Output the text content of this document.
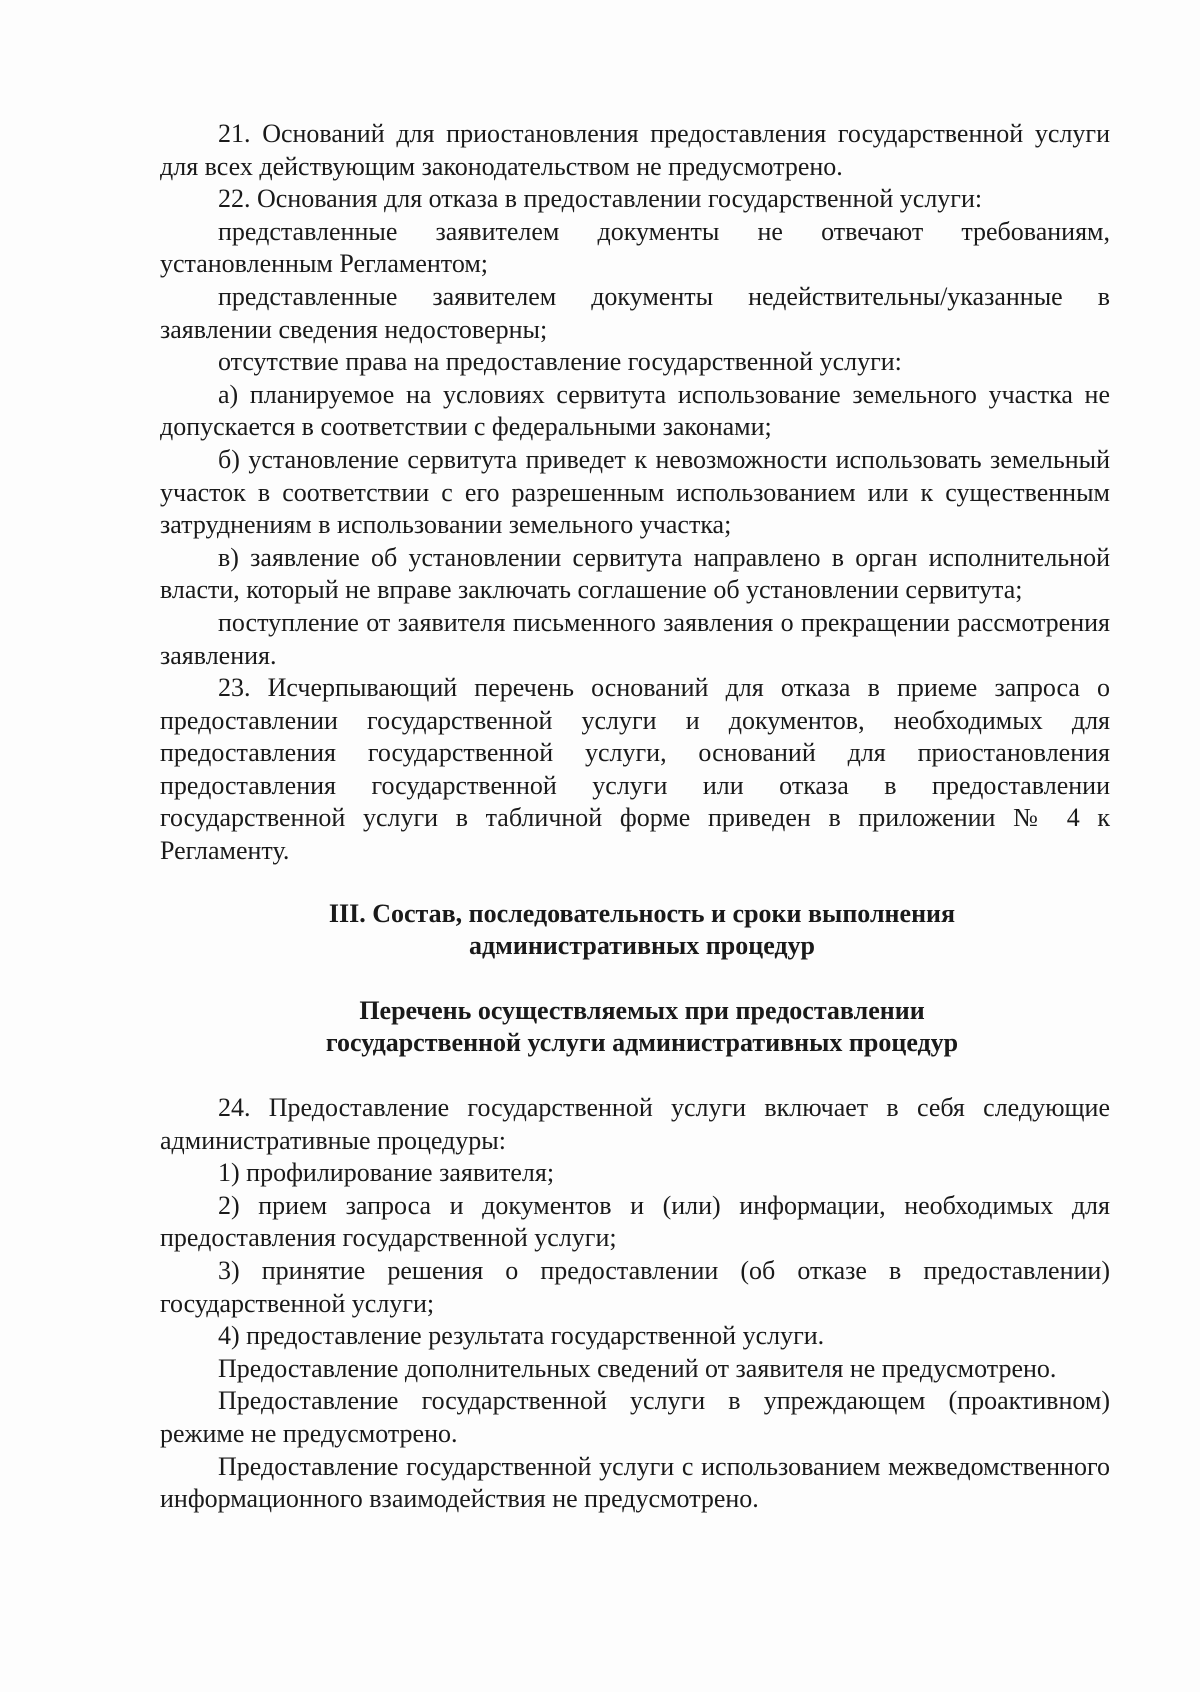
21. Оснований для приостановления предоставления государственной услуги для всех действующим законодательством не предусмотрено.

22. Основания для отказа в предоставлении государственной услуги:

представленные заявителем документы не отвечают требованиям, установленным Регламентом;

представленные заявителем документы недействительны/указанные в заявлении сведения недостоверны;

отсутствие права на предоставление государственной услуги:

а) планируемое на условиях сервитута использование земельного участка не допускается в соответствии с федеральными законами;

б) установление сервитута приведет к невозможности использовать земельный участок в соответствии с его разрешенным использованием или к существенным затруднениям в использовании земельного участка;

в) заявление об установлении сервитута направлено в орган исполнительной власти, который не вправе заключать соглашение об установлении сервитута;

поступление от заявителя письменного заявления о прекращении рассмотрения заявления.

23. Исчерпывающий перечень оснований для отказа в приеме запроса о предоставлении государственной услуги и документов, необходимых для предоставления государственной услуги, оснований для приостановления предоставления государственной услуги или отказа в предоставлении государственной услуги в табличной форме приведен в приложении № 4 к Регламенту.

III. Состав, последовательность и сроки выполнения

административных процедур

Перечень осуществляемых при предоставлении

государственной услуги административных процедур

24. Предоставление государственной услуги включает в себя следующие административные процедуры:

1) профилирование заявителя;

2) прием запроса и документов и (или) информации, необходимых для предоставления государственной услуги;

3) принятие решения о предоставлении (об отказе в предоставлении) государственной услуги;

4) предоставление результата государственной услуги.

Предоставление дополнительных сведений от заявителя не предусмотрено.

Предоставление государственной услуги в упреждающем (проактивном) режиме не предусмотрено.

Предоставление государственной услуги с использованием межведомственного информационного взаимодействия не предусмотрено.
